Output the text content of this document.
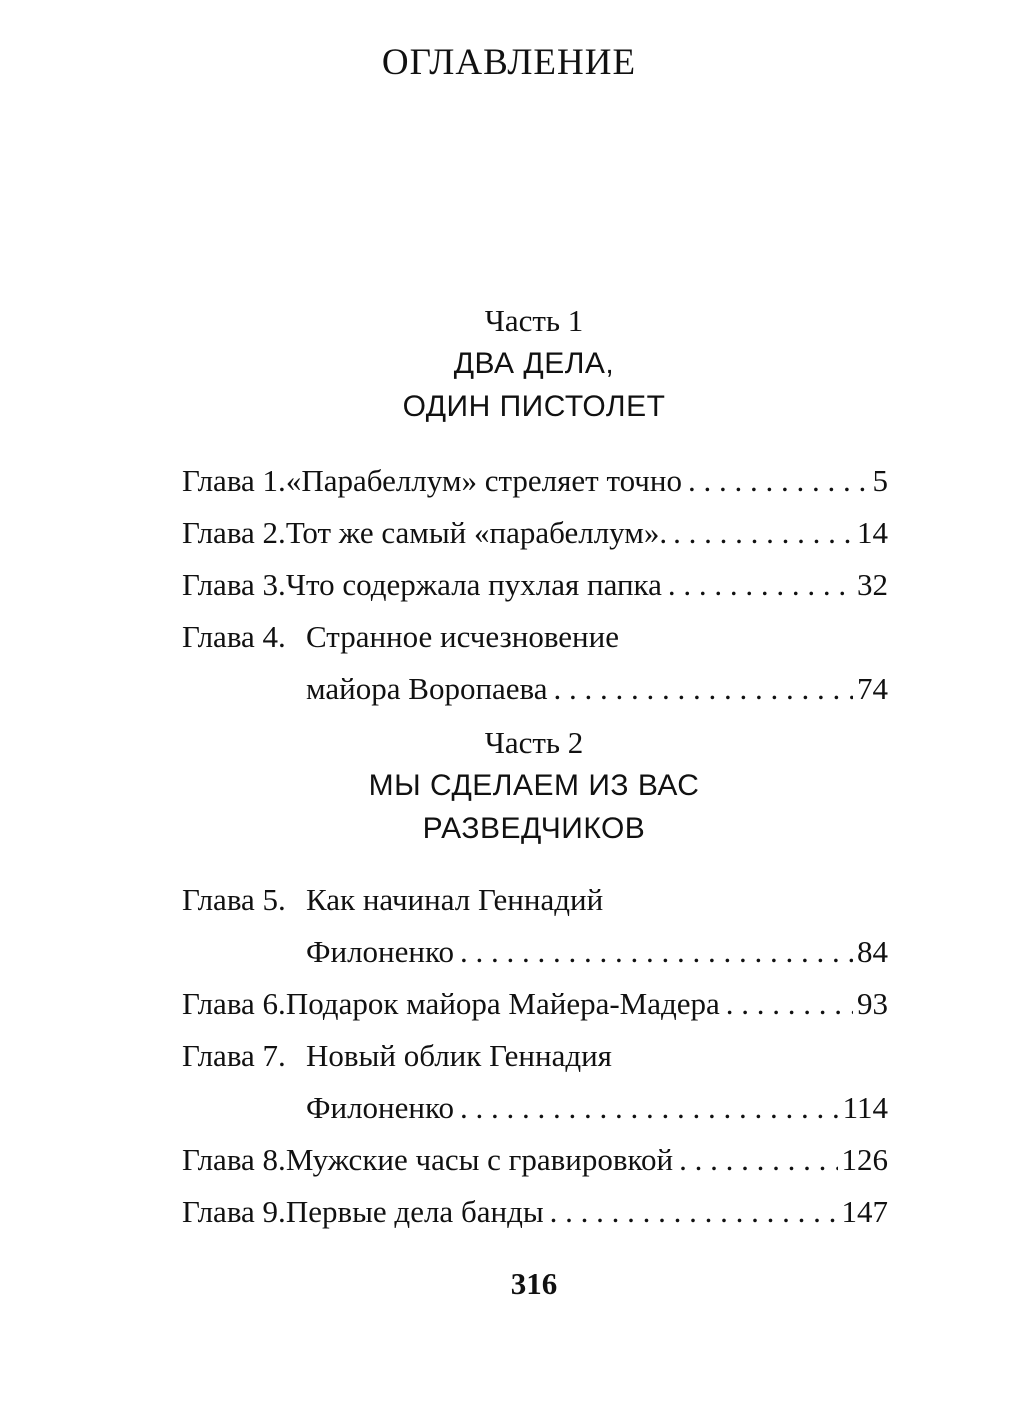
ОГЛАВЛЕНИЕ
Часть 1
ДВА ДЕЛА,
ОДИН ПИСТОЛЕТ
Глава 1. «Парабеллум» стреляет точно . . .	5
Глава 2. Тот же самый «парабеллум». . . .	14
Глава 3. Что содержала пухлая папка . . .	32
Глава 4. Странное исчезновение
майора Воропаева . . .	74
Часть 2
МЫ СДЕЛАЕМ ИЗ ВАС
РАЗВЕДЧИКОВ
Глава 5. Как начинал Геннадий
Филоненко . . .	84
Глава 6. Подарок майора Майера-Мадера . . .	93
Глава 7. Новый облик Геннадия
Филоненко . . .	114
Глава 8. Мужские часы с гравировкой . . .	126
Глава 9. Первые дела банды . . .	147
316
